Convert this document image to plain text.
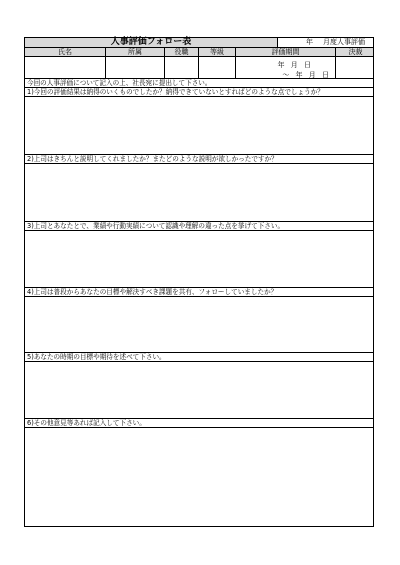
人事評価フォロー表	年	月度人事評価
氏名	所属	役職	等級	評価期間	決裁
年 月 日
〜 年 月 日
今回の人事評価について記入の上、社長宛に提出して下さい。
1)今回の評価結果は納得のいくものでしたか？納得できていないとすればどのような点でしょうか？
2)上司はきちんと説明してくれましたか？またどのような説明が欲しかったですか？
3)上司とあなたとで、業績や行動実績について認識や理解の違った点を挙げて下さい。
4)上司は普段からあなたの目標や解決すべき課題を共有、フォローしていましたか？
5)あなたの時期の目標や期待を述べて下さい。
6)その他意見等あれば記入して下さい。
